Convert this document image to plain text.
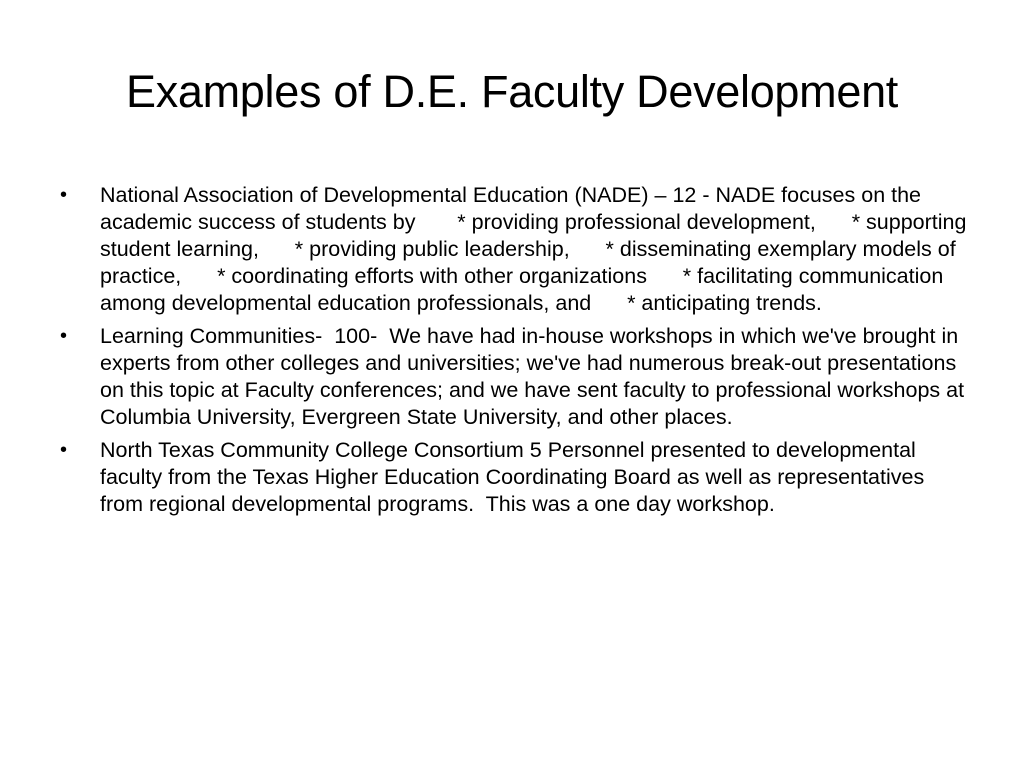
Examples of D.E. Faculty Development
• National Association of Developmental Education (NADE) – 12 - NADE focuses on the academic success of students by       * providing professional development,      * supporting student learning,      * providing public leadership,      * disseminating exemplary models of practice,      * coordinating efforts with other organizations      * facilitating communication among developmental education professionals, and      * anticipating trends.
• Learning Communities-  100-  We have had in-house workshops in which we've brought in experts from other colleges and universities; we've had numerous break-out presentations on this topic at Faculty conferences; and we have sent faculty to professional workshops at Columbia University, Evergreen State University, and other places.
• North Texas Community College Consortium 5 Personnel presented to developmental faculty from the Texas Higher Education Coordinating Board as well as representatives from regional developmental programs.  This was a one day workshop.
